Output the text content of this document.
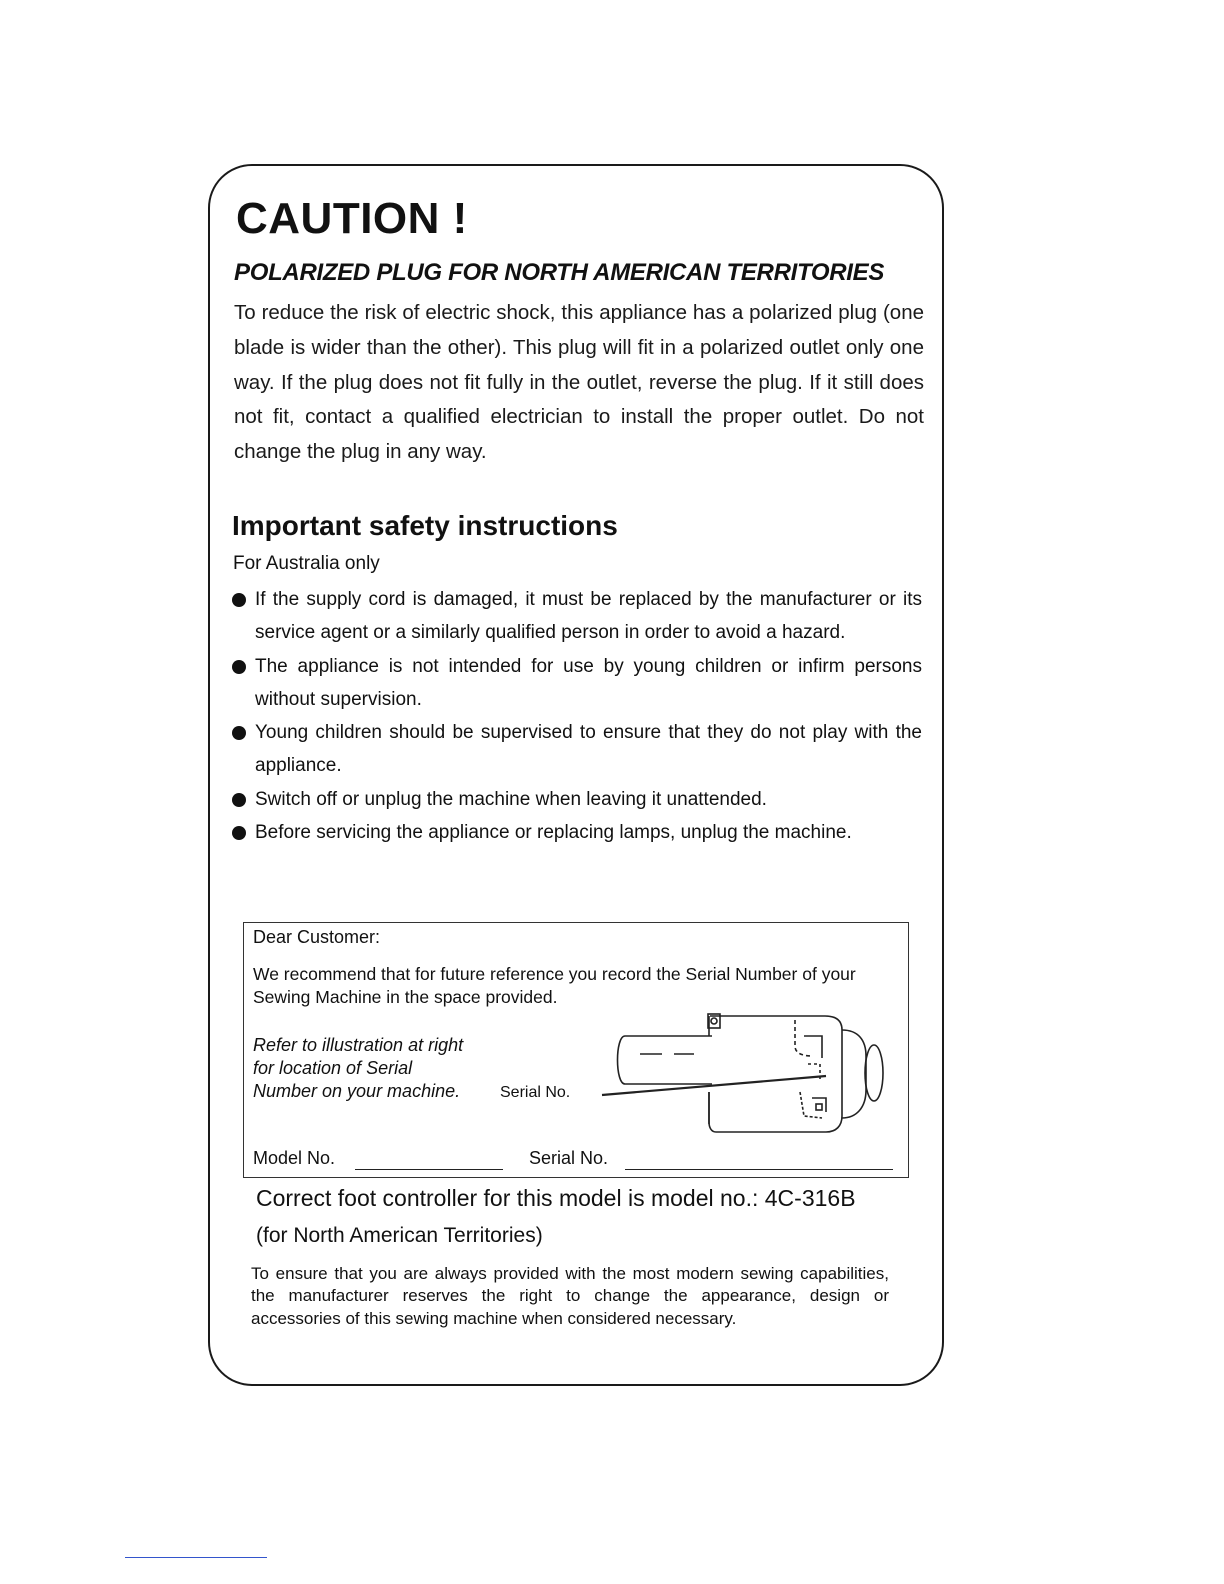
CAUTION !
POLARIZED PLUG FOR NORTH AMERICAN TERRITORIES

To reduce the risk of electric shock, this appliance has a polarized plug (one blade is wider than the other). This plug will fit in a polarized outlet only one way. If the plug does not fit fully in the outlet, reverse the plug. If it still does not fit, contact a qualified electrician to install the proper outlet. Do not change the plug in any way.

Important safety instructions

For Australia only

If the supply cord is damaged, it must be replaced by the manufacturer or its service agent or a similarly qualified person in order to avoid a hazard.
The appliance is not intended for use by young children or infirm persons without supervision.
Young children should be supervised to ensure that they do not play with the appliance.
Switch off or unplug the machine when leaving it unattended.
Before servicing the appliance or replacing lamps, unplug the machine.

Dear Customer:

We recommend that for future reference you record the Serial Number of your Sewing Machine in the space provided.

Refer to illustration at right for location of Serial Number on your machine.	Serial No.

Model No.	Serial No.

Correct foot controller for this model is model no.: 4C-316B

(for North American Territories)

To ensure that you are always provided with the most modern sewing capabilities, the manufacturer reserves the right to change the appearance, design or accessories of this sewing machine when considered necessary.
